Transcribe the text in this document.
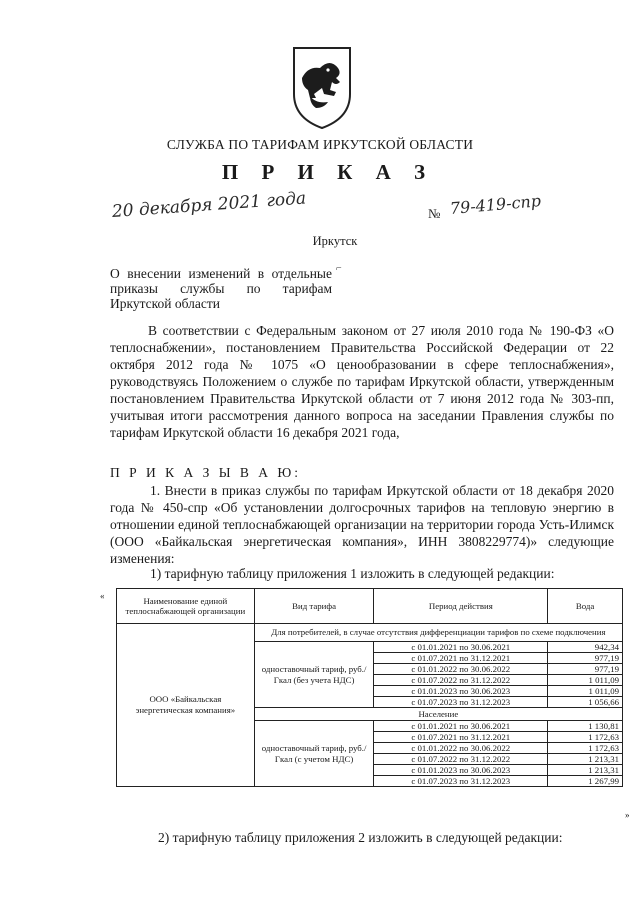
СЛУЖБА ПО ТАРИФАМ ИРКУТСКОЙ ОБЛАСТИ
П Р И К А З
20 декабря 2021 года	№ 79-419-спр
Иркутск
О внесении изменений в отдельные приказы службы по тарифам Иркутской области
⌐
В соответствии с Федеральным законом от 27 июля 2010 года № 190-ФЗ «О теплоснабжении», постановлением Правительства Российской Федерации от 22 октября 2012 года № 1075 «О ценообразовании в сфере теплоснабжения», руководствуясь Положением о службе по тарифам Иркутской области, утвержденным постановлением Правительства Иркутской области от 7 июня 2012 года № 303-пп, учитывая итоги рассмотрения данного вопроса на заседании Правления службы по тарифам Иркутской области 16 декабря 2021 года,
П Р И К А З Ы В А Ю:
1. Внести в приказ службы по тарифам Иркутской области от 18 декабря 2020 года № 450-спр «Об установлении долгосрочных тарифов на тепловую энергию в отношении единой теплоснабжающей организации на территории города Усть-Илимск (ООО «Байкальская энергетическая компания», ИНН 3808229774)» следующие изменения:
1) тарифную таблицу приложения 1 изложить в следующей редакции:
«	Наименование единой теплоснабжающей организации	Вид тарифа	Период действия	Вода
ООО «Байкальская энергетическая компания»	Для потребителей, в случае отсутствия дифференциации тарифов по схеме подключения		
	одноставочный тариф, руб./Гкал (без учета НДС)	с 01.01.2021 по 30.06.2021	942,34
		с 01.07.2021 по 31.12.2021	977,19
		с 01.01.2022 по 30.06.2022	977,19
		с 01.07.2022 по 31.12.2022	1 011,09
		с 01.01.2023 по 30.06.2023	1 011,09
		с 01.07.2023 по 31.12.2023	1 056,66
	Население		
	одноставочный тариф, руб./Гкал (с учетом НДС)	с 01.01.2021 по 30.06.2021	1 130,81
		с 01.07.2021 по 31.12.2021	1 172,63
		с 01.01.2022 по 30.06.2022	1 172,63
		с 01.07.2022 по 31.12.2022	1 213,31
		с 01.01.2023 по 30.06.2023	1 213,31
		с 01.07.2023 по 31.12.2023	1 267,99
»
2) тарифную таблицу приложения 2 изложить в следующей редакции:
